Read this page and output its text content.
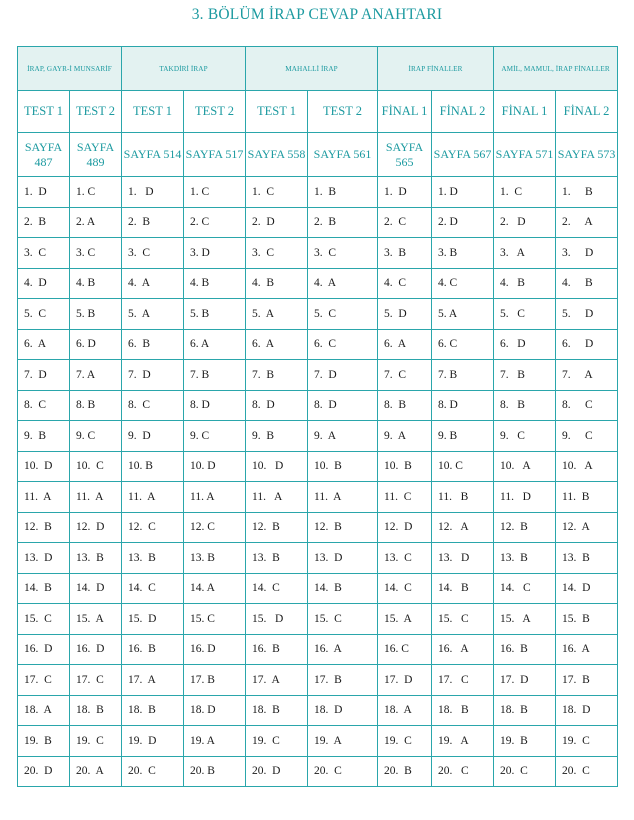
3. BÖLÜM İRAP CEVAP ANAHTARI
İRAP, GAYR-İ MUNSARİF		TAKDİRİ İRAP		MAHALLİ İRAP		İRAP FİNALLER		AMİL, MAMUL, İRAP FİNALLER	
TEST 1	TEST 2	TEST 1	TEST 2	TEST 1	TEST 2	FİNAL 1	FİNAL 2	FİNAL 1	FİNAL 2
SAYFA 487	SAYFA 489	SAYFA 514	SAYFA 517	SAYFA 558	SAYFA 561	SAYFA 565	SAYFA 567	SAYFA 571	SAYFA 573
1.  D	1. C	1.   D	1. C	1.  C	1.  B	1.  D	1. D	1.  C	1.     B
2.  B	2. A	2.  B	2. C	2.  D	2.  B	2.  C	2. D	2.   D	2.     A
3.  C	3. C	3.  C	3. D	3.  C	3.  C	3.  B	3. B	3.   A	3.     D
4.  D	4. B	4.  A	4. B	4.  B	4.  A	4.  C	4. C	4.   B	4.     B
5.  C	5. B	5.  A	5. B	5.  A	5.  C	5.  D	5. A	5.   C	5.     D
6.  A	6. D	6.  B	6. A	6.  A	6.  C	6.  A	6. C	6.   D	6.     D
7.  D	7. A	7.  D	7. B	7.  B	7.  D	7.  C	7. B	7.   B	7.     A
8.  C	8. B	8.  C	8. D	8.  D	8.  D	8.  B	8. D	8.   B	8.     C
9.  B	9. C	9.  D	9. C	9.  B	9.  A	9.  A	9. B	9.   C	9.     C
10.  D	10.  C	10. B	10. D	10.   D	10.  B	10.  B	10. C	10.   A	10.   A
11.  A	11.  A	11.  A	11. A	11.   A	11.  A	11.  C	11.   B	11.   D	11.  B
12.  B	12.  D	12.  C	12. C	12.  B	12.  B	12.  D	12.   A	12.  B	12.  A
13.  D	13.  B	13.  B	13. B	13.  B	13.  D	13.  C	13.   D	13.  B	13.  B
14.  B	14.  D	14.  C	14. A	14.  C	14.  B	14.  C	14.   B	14.   C	14.  D
15.  C	15.  A	15.  D	15. C	15.   D	15.  C	15.  A	15.   C	15.   A	15.  B
16.  D	16.  D	16.  B	16. D	16.  B	16.  A	16. C	16.   A	16.  B	16.  A
17.  C	17.  C	17.  A	17. B	17.  A	17.  B	17.  D	17.   C	17.  D	17.  B
18.  A	18.  B	18.  B	18. D	18.  B	18.  D	18.  A	18.   B	18.  B	18.  D
19.  B	19.  C	19.  D	19. A	19.  C	19.  A	19.  C	19.   A	19.  B	19.  C
20.  D	20.  A	20.  C	20. B	20.  D	20.  C	20.  B	20.   C	20.  C	20.  C
